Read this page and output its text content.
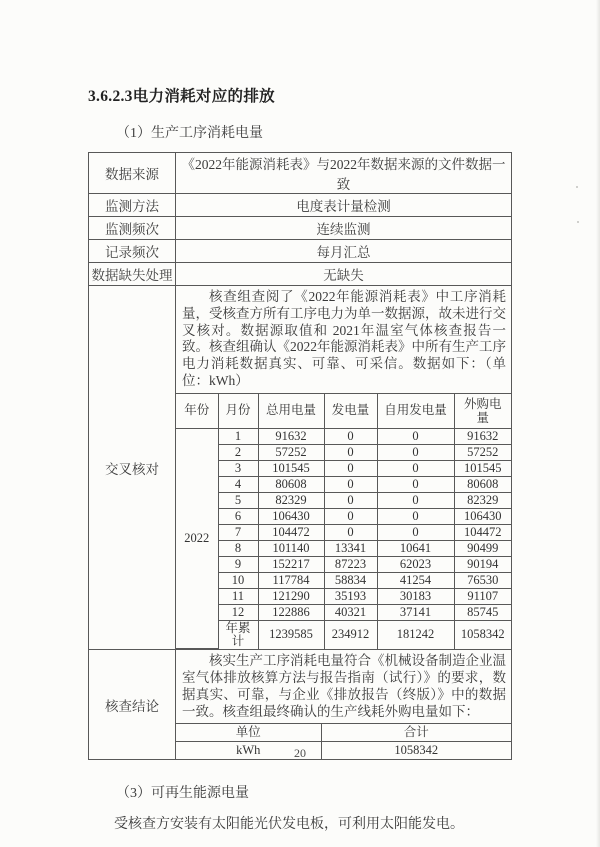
3.6.2.3电力消耗对应的排放
（1）生产工序消耗电量
数据来源	《2022年能源消耗表》与2022年数据来源的文件数据一致
监测方法	电度表计量检测
监测频次	连续监测
记录频次	每月汇总
数据缺失处理	无缺失
交叉核对	
核查组查阅了《2022年能源消耗表》中工序消耗量，受核查方所有工序电力为单一数据源，故未进行交叉核对。数据源取值和 2021年温室气体核查报告一致。核查组确认《2022年能源消耗表》中所有生产工序电力消耗数据真实、可靠、可采信。数据如下：（单位：kWh）
年份	月份	总用电量	发电量	自用发电量	外购电量
2022	1	91632	0	0	91632
2	57252	0	0	57252
3	101545	0	0	101545
4	80608	0	0	80608
5	82329	0	0	82329
6	106430	0	0	106430
7	104472	0	0	104472
8	101140	13341	10641	90499
9	152217	87223	62023	90194
10	117784	58834	41254	76530
11	121290	35193	30183	91107
12	122886	40321	37141	85745
年累计	1239585	234912	181242	1058342

核查结论	
核实生产工序消耗电量符合《机械设备制造企业温室气体排放核算方法与报告指南（试行）》的要求，数据真实、可靠，与企业《排放报告（终版）》中的数据一致。核查组最终确认的生产线耗外购电量如下：
单位	合计
kWh	1058342
（3）可再生能源电量
受核查方安装有太阳能光伏发电板，可利用太阳能发电。
20
